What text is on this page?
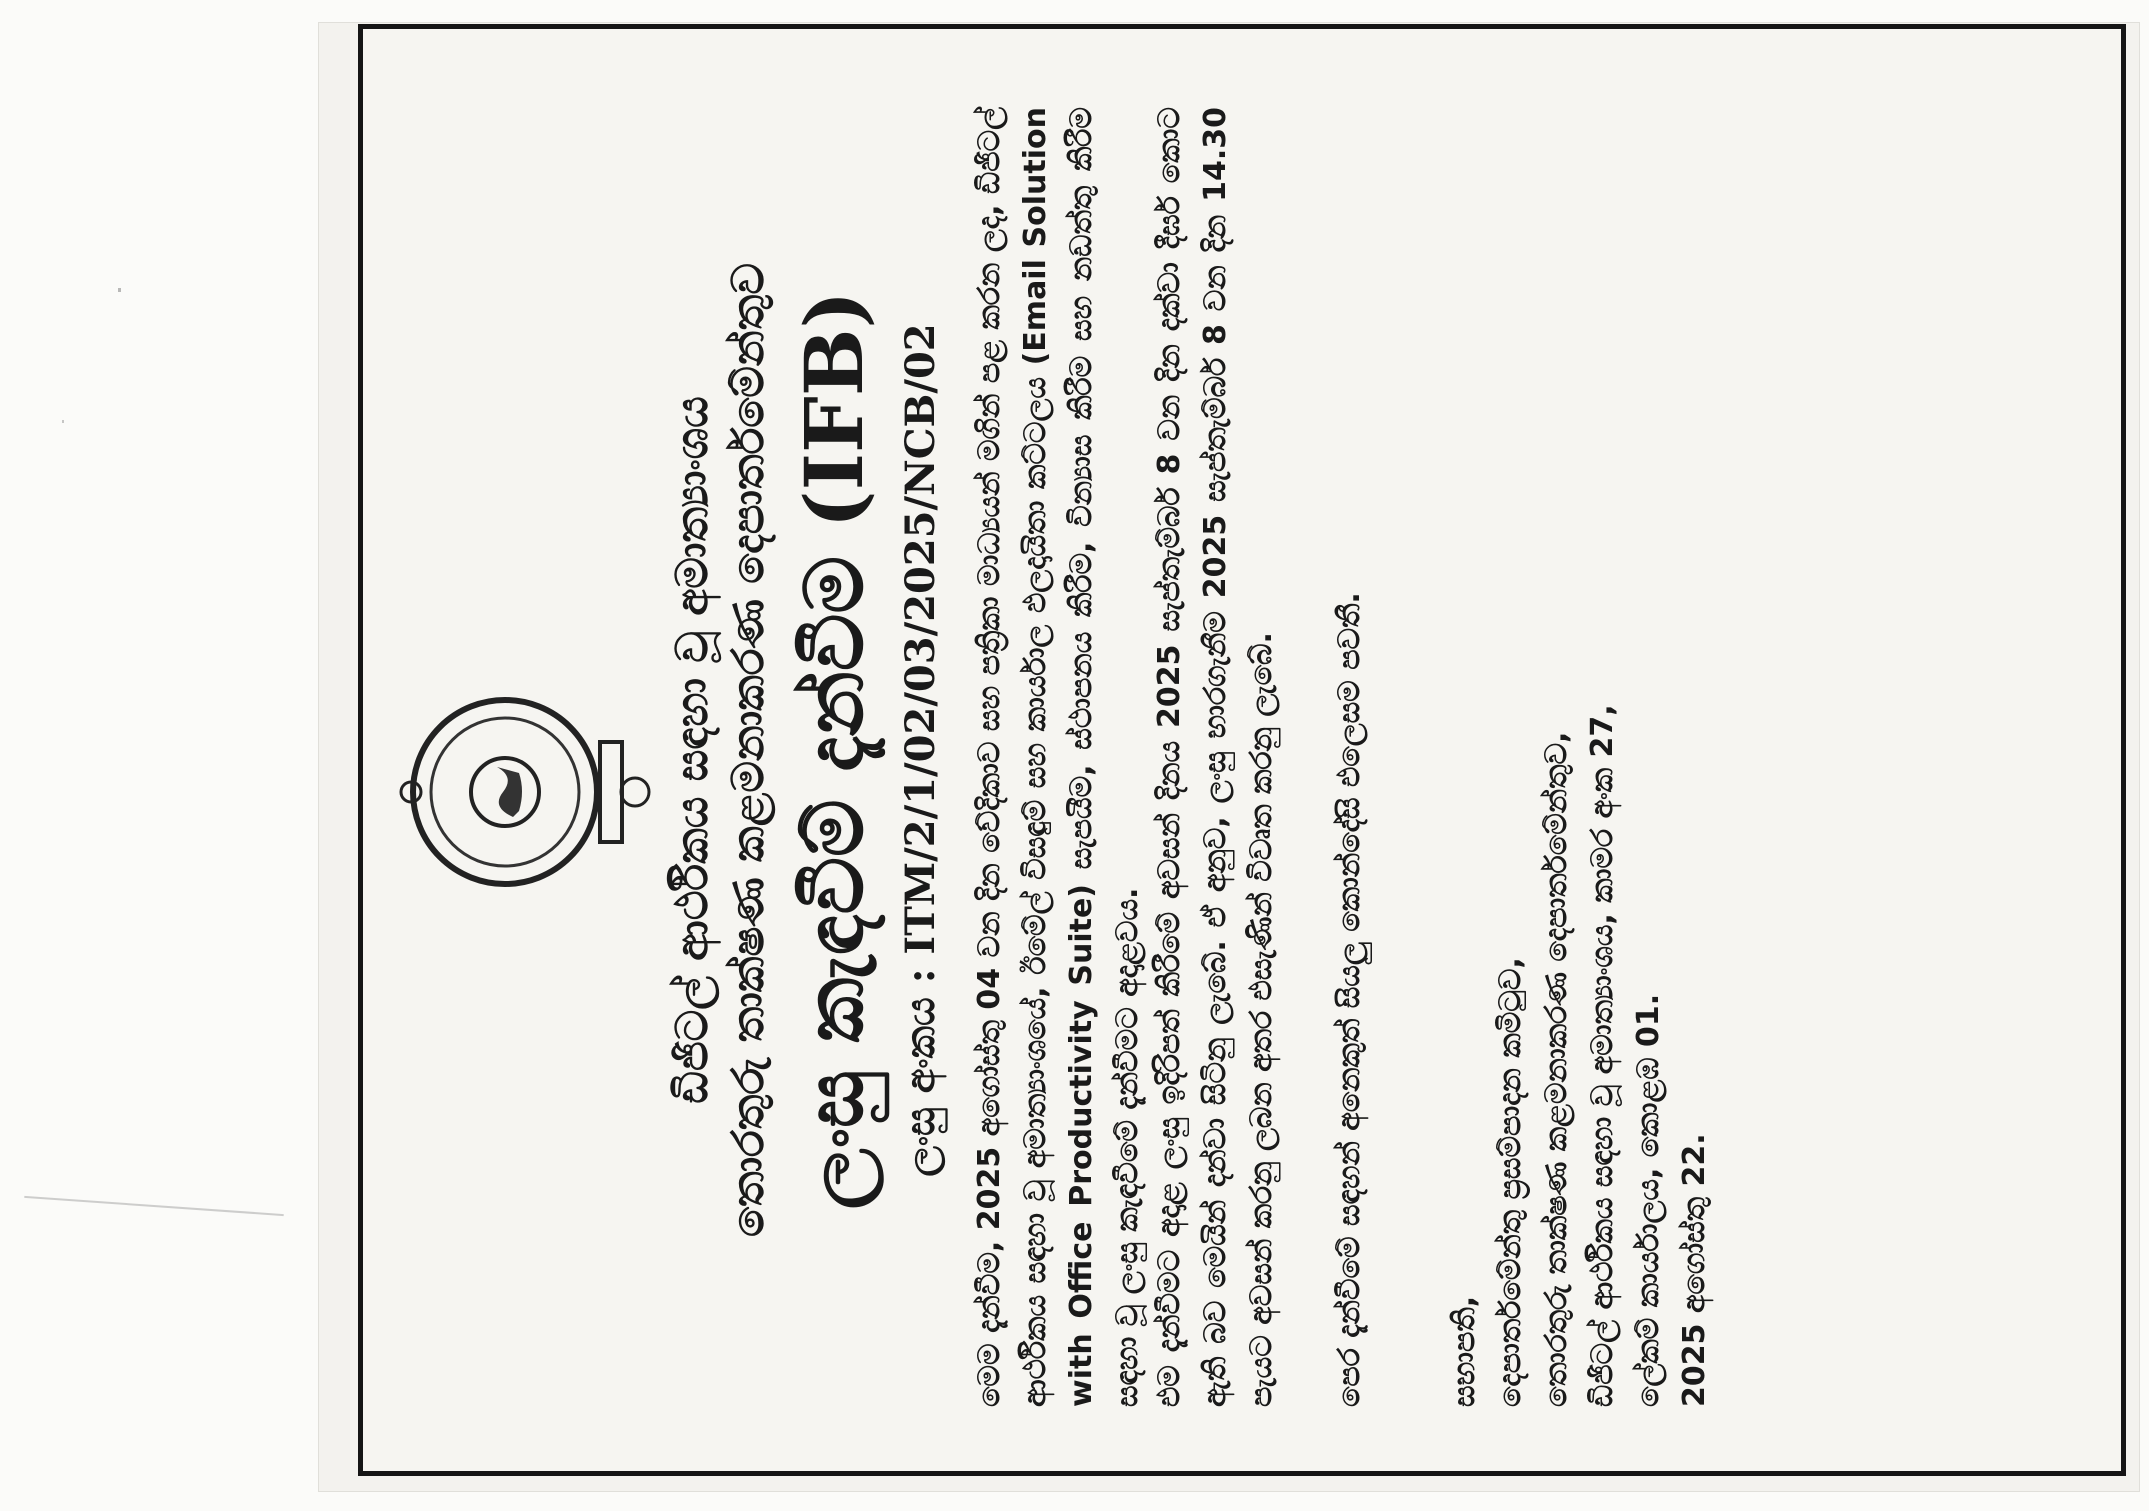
ඩිජිටල් ආර්ථිකය සඳහා වූ අමාත්‍යාංශය තොරතුරු තාක්ෂණ කළමනාකරණ දෙපාර්තමේන්තුව ලංසු කැඳවීම් දැන්වීම (IFB) ලංසු අංකය : ITM/2/1/02/03/2025/NCB/02 මෙම දැන්වීම, 2025 අගෝස්තු 04 වන දින වේදිකාව සහ පත්‍රිකා මාධ්‍යයන් මගින් පළ කරන ලද, ඩිජිටල් ආර්ථිකය සඳහා වූ අමාත්‍යාංශයේ, ඊමේල් විසඳුම් සහ කාර්යාල ඵලදායිතා කට්ටලය (Email Solution with Office Productivity Suite) සැපයීම, ස්ථාපනය කිරීම, වින්‍යාස කිරීම සහ නඩත්තු කිරීම සඳහා වූ ලංසු කැඳවීමේ දැන්වීමට අදාළවය. එම දැන්වීමට අදාළ ලංසු ඉදිරිපත් කිරීමේ අවසන් දිනය 2025 සැප්තැම්බර් 8 වන දින දක්වා දීර්ඝ කොට ඇති බව මෙයින් දන්වා සිටිනු ලැබේ. ඒ අනුව, ලංසු භාරගැනීම 2025 සැප්තැම්බර් 8 වන දින 14.30 පැයට අවසන් කරනු ලබන අතර එසැණින් විවෘත කරනු ලැබේ. පෙර දැන්වීමේ සඳහන් අනෙකුත් සියලු කොන්දේසි එලෙසම පවතී.	සභාපති, දෙපාර්තමේන්තු ප්‍රසම්පාදන කමිටුව, තොරතුරු තාක්ෂණ කළමනාකරණ දෙපාර්තමේන්තුව, ඩිජිටල් ආර්ථිකය සඳහා වූ අමාත්‍යාංශය, කාමර අංක 27, ලේකම් කාර්යාලය, කොළඹ 01. 2025 අගෝස්තු 22.
